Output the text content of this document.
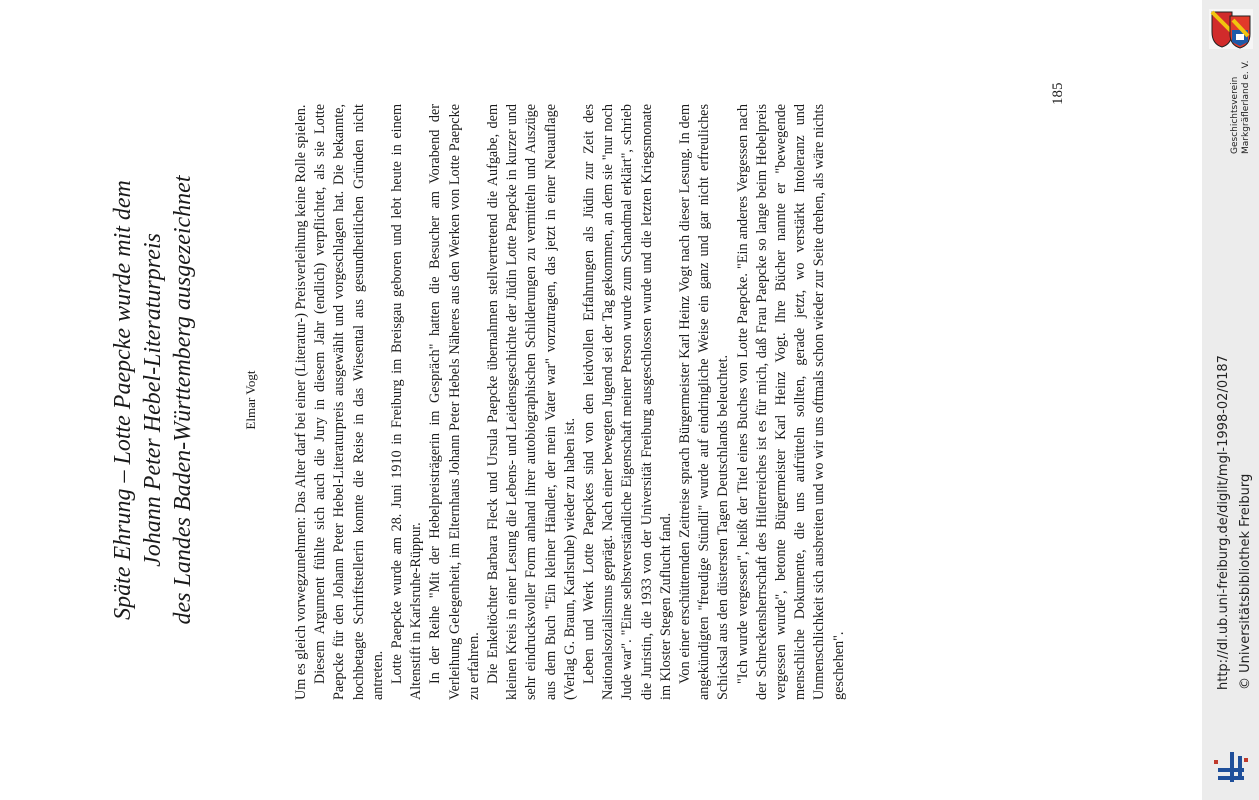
Späte Ehrung – Lotte Paepcke wurde mit dem Johann Peter Hebel-Literaturpreis des Landes Baden-Württemberg ausgezeichnet	Elmar Vogt Um es gleich vorwegzunehmen: Das Alter darf bei einer (Literatur-) Preisverleihung keine Rolle spielen. Diesem Argument fühlte sich auch die Jury in diesem Jahr (endlich) verpflichtet, als sie Lotte Paepcke für den Johann Peter Hebel-Literaturpreis ausgewählt und vorgeschlagen hat. Die bekannte, hochbetagte Schriftstellerin konnte die Reise in das Wiesental aus gesundheitlichen Gründen nicht antreten. Lotte Paepcke wurde am 28. Juni 1910 in Freiburg im Breisgau geboren und lebt heute in einem Altenstift in Karlsruhe-Rüppur. In der Reihe "Mit der Hebelpreisträgerin im Gespräch" hatten die Besucher am Vorabend der Verleihung Gelegenheit, im Elternhaus Johann Peter Hebels Näheres aus den Werken von Lotte Paepcke zu erfahren. Die Enkeltöchter Barbara Fleck und Ursula Paepcke übernahmen stellvertretend die Aufgabe, dem kleinen Kreis in einer Lesung die Lebens- und Leidensgeschichte der Jüdin Lotte Paepcke in kurzer und sehr eindrucksvoller Form anhand ihrer autobiographischen Schilderungen zu vermitteln und Auszüge aus dem Buch "Ein kleiner Händler, der mein Vater war" vorzutragen, das jetzt in einer Neuauflage (Verlag G. Braun, Karlsruhe) wieder zu haben ist. Leben und Werk Lotte Paepckes sind von den leidvollen Erfahrungen als Jüdin zur Zeit des Nationalsozialismus geprägt. Nach einer bewegten Jugend sei der Tag gekommen, an dem sie "nur noch Jude war". "Eine selbstverständliche Eigenschaft meiner Person wurde zum Schandmal erklärt", schrieb die Juristin, die 1933 von der Universität Freiburg ausgeschlossen wurde und die letzten Kriegsmonate im Kloster Stegen Zuflucht fand. Von einer erschütternden Zeitreise sprach Bürgermeister Karl Heinz Vogt nach dieser Lesung. In dem angekündigten "freudige Stündli" wurde auf eindringliche Weise ein ganz und gar nicht erfreuliches Schicksal aus den düstersten Tagen Deutschlands beleuchtet. "Ich wurde vergessen", heißt der Titel eines Buches von Lotte Paepcke. "Ein anderes Vergessen nach der Schreckensherrschaft des Hitlerreiches ist es für mich, daß Frau Paepcke so lange beim Hebelpreis vergessen wurde", betonte Bürgermeister Karl Heinz Vogt. Ihre Bücher nannte er "bewegende menschliche Dokumente, die uns aufrütteln sollten, gerade jetzt, wo verstärkt Intoleranz und Unmenschlichkeit sich ausbreiten und wo wir uns oftmals schon wieder zur Seite drehen, als wäre nichts geschehen".

185
http://dl.ub.uni-freiburg.de/diglit/mgl-1998-02/0187 © Universitätsbibliothek Freiburg
Geschichtsverein Markgräflerland e. V.
